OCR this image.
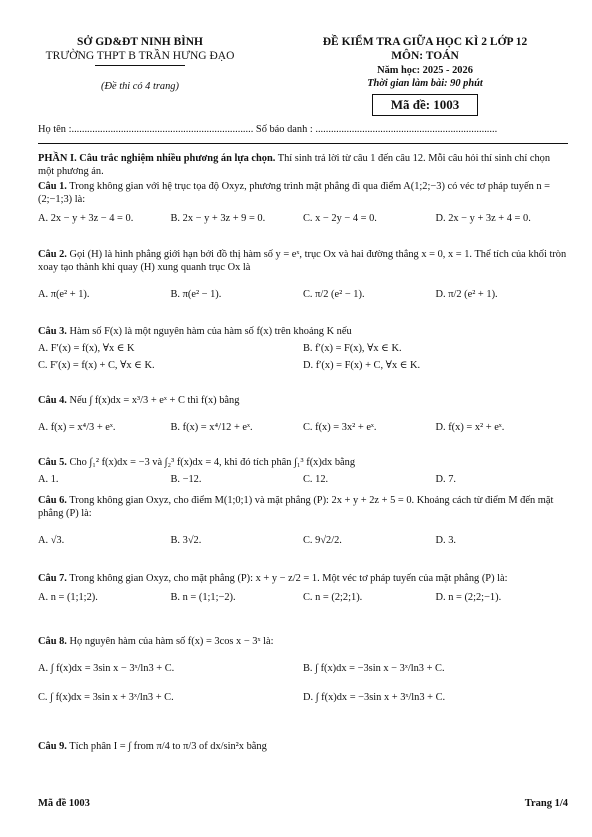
SỞ GD&ĐT NINH BÌNH
TRƯỜNG THPT B TRẦN HƯNG ĐẠO
(Đề thi có 4 trang)
ĐỀ KIỂM TRA GIỮA HỌC KÌ 2 LỚP 12
MÔN: TOÁN
Năm học: 2025 - 2026
Thời gian làm bài: 90 phút
Mã đề: 1003
Họ tên :...................................................................... Số báo danh : ......................................................................
PHẦN I. Câu trắc nghiệm nhiều phương án lựa chọn. Thí sinh trả lời từ câu 1 đến câu 12. Mỗi câu hỏi thí sinh chỉ chọn một phương án.
Câu 1. Trong không gian với hệ trục tọa độ Oxyz, phương trình mặt phẳng đi qua điểm A(1;2;−3) có véc tơ pháp tuyến n = (2;−1;3) là:
A. 2x − y + 3z − 4 = 0.	B. 2x − y + 3z + 9 = 0.	C. x − 2y − 4 = 0.	D. 2x − y + 3z + 4 = 0.
Câu 2. Gọi (H) là hình phẳng giới hạn bởi đồ thị hàm số y = eˣ, trục Ox và hai đường thẳng x = 0, x = 1. Thể tích của khối tròn xoay tạo thành khi quay (H) xung quanh trục Ox là
A. π(e² + 1).	B. π(e² − 1).	C. π/2 (e² − 1).	D. π/2 (e² + 1).
Câu 3. Hàm số F(x) là một nguyên hàm của hàm số f(x) trên khoảng K nếu
A. F′(x) = f(x), ∀x ∈ K	B. f′(x) = F(x), ∀x ∈ K.
C. F′(x) = f(x) + C, ∀x ∈ K.	D. f′(x) = F(x) + C, ∀x ∈ K.
Câu 4. Nếu ∫ f(x)dx = x³/3 + eˣ + C thì f(x) bằng
A. f(x) = x⁴/3 + eˣ.	B. f(x) = x⁴/12 + eˣ.	C. f(x) = 3x² + eˣ.	D. f(x) = x² + eˣ.
Câu 5. Cho ∫₁² f(x)dx = −3 và ∫₂³ f(x)dx = 4, khi đó tích phân ∫₁³ f(x)dx bằng
A. 1.	B. −12.	C. 12.	D. 7.
Câu 6. Trong không gian Oxyz, cho điểm M(1;0;1) và mặt phẳng (P): 2x + y + 2z + 5 = 0. Khoảng cách từ điểm M đến mặt phẳng (P) là:
A. √3.	B. 3√2.	C. 9√2/2.	D. 3.
Câu 7. Trong không gian Oxyz, cho mặt phẳng (P): x + y − z/2 = 1. Một véc tơ pháp tuyến của mặt phẳng (P) là:
A. n = (1;1;2).	B. n = (1;1;−2).	C. n = (2;2;1).	D. n = (2;2;−1).
Câu 8. Họ nguyên hàm của hàm số f(x) = 3cos x − 3ˣ là:
A. ∫ f(x)dx = 3sin x − 3ˣ/ln3 + C.	B. ∫ f(x)dx = −3sin x − 3ˣ/ln3 + C.
C. ∫ f(x)dx = 3sin x + 3ˣ/ln3 + C.	D. ∫ f(x)dx = −3sin x + 3ˣ/ln3 + C.
Câu 9. Tích phân I = ∫ from π/4 to π/3 of dx/sin²x bằng
Mã đề 1003	Trang 1/4
